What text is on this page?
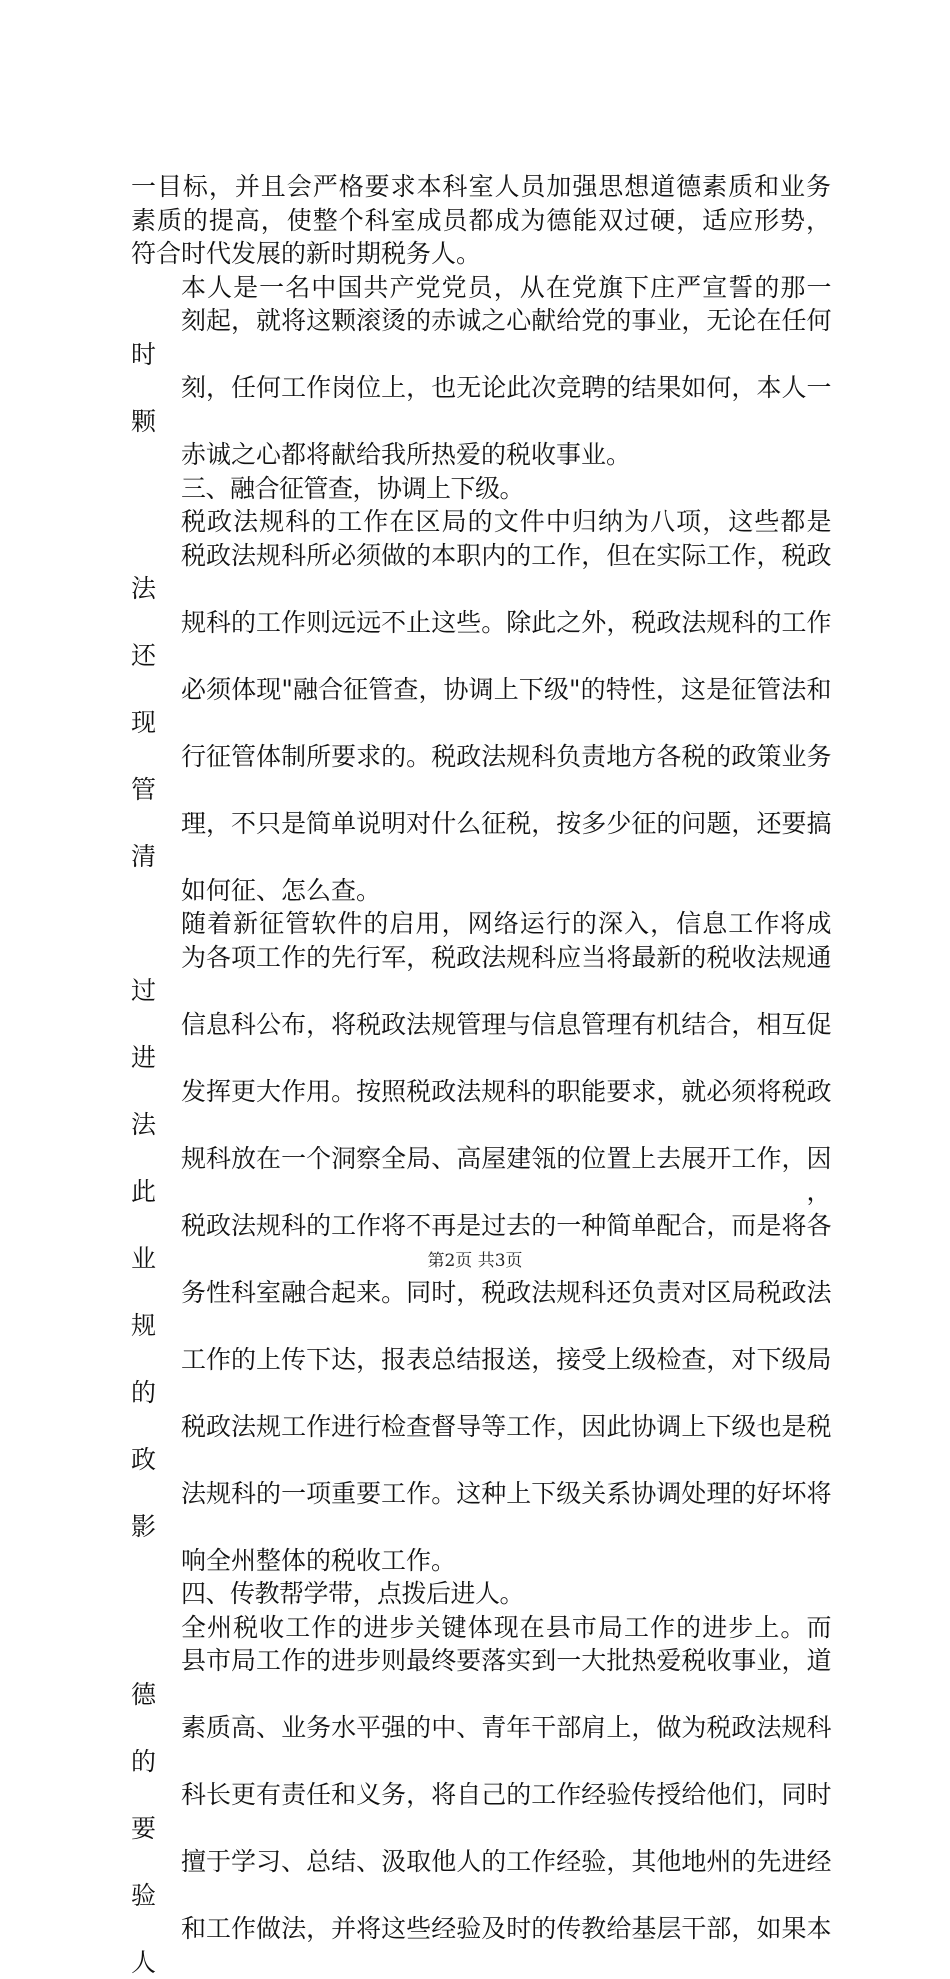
一目标，并且会严格要求本科室人员加强思想道德素质和业务
素质的提高，使整个科室成员都成为德能双过硬，适应形势，
符合时代发展的新时期税务人。

本人是一名中国共产党党员，从在党旗下庄严宣誓的那一
刻起，就将这颗滚烫的赤诚之心献给党的事业，无论在任何时
刻，任何工作岗位上，也无论此次竞聘的结果如何，本人一颗
赤诚之心都将献给我所热爱的税收事业。

三、融合征管查，协调上下级。

税政法规科的工作在区局的文件中归纳为八项，这些都是
税政法规科所必须做的本职内的工作，但在实际工作，税政法
规科的工作则远远不止这些。除此之外，税政法规科的工作还
必须体现"融合征管查，协调上下级"的特性，这是征管法和现
行征管体制所要求的。税政法规科负责地方各税的政策业务管
理，不只是简单说明对什么征税，按多少征的问题，还要搞清
如何征、怎么查。

随着新征管软件的启用，网络运行的深入，信息工作将成
为各项工作的先行军，税政法规科应当将最新的税收法规通过
信息科公布，将税政法规管理与信息管理有机结合，相互促进
发挥更大作用。按照税政法规科的职能要求，就必须将税政法
规科放在一个洞察全局、高屋建瓴的位置上去展开工作，因此，
税政法规科的工作将不再是过去的一种简单配合，而是将各业
务性科室融合起来。同时，税政法规科还负责对区局税政法规
工作的上传下达，报表总结报送，接受上级检查，对下级局的
税政法规工作进行检查督导等工作，因此协调上下级也是税政
法规科的一项重要工作。这种上下级关系协调处理的好坏将影
响全州整体的税收工作。

四、传教帮学带，点拨后进人。

全州税收工作的进步关键体现在县市局工作的进步上。而
县市局工作的进步则最终要落实到一大批热爱税收事业，道德
素质高、业务水平强的中、青年干部肩上，做为税政法规科的
科长更有责任和义务，将自己的工作经验传授给他们，同时要
擅于学习、总结、汲取他人的工作经验，其他地州的先进经验
和工作做法，并将这些经验及时的传教给基层干部，如果本人

第2页 共3页
